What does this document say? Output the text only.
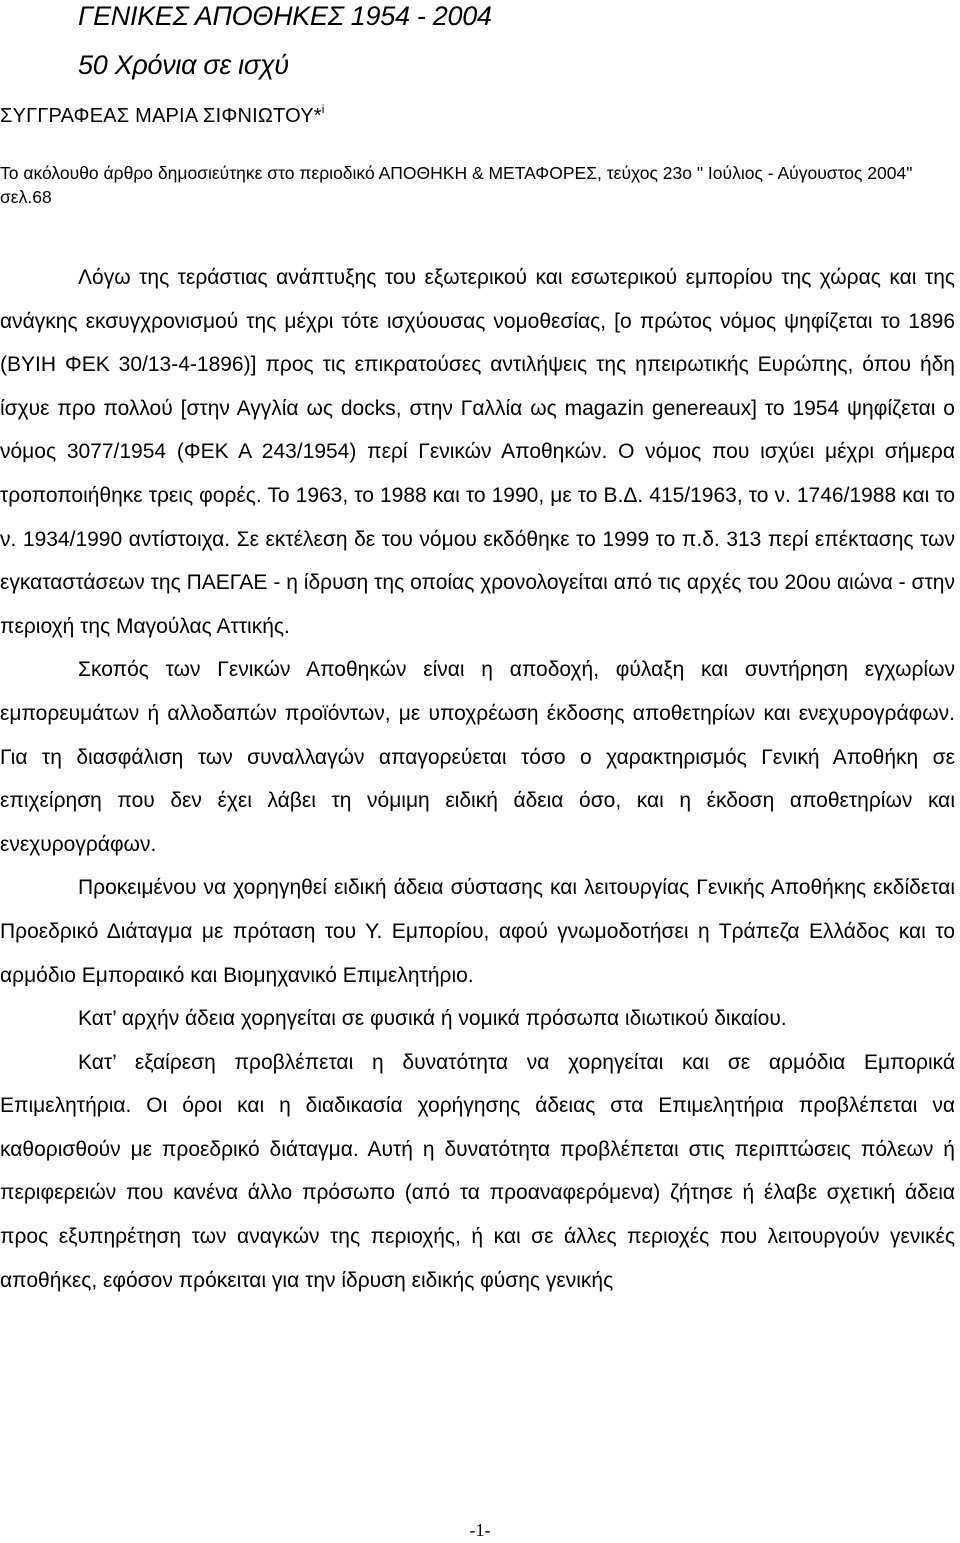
ΓΕΝΙΚΕΣ ΑΠΟΘΗΚΕΣ 1954 - 2004
50 Χρόνια σε ισχύ
ΣΥΓΓΡΑΦΕΑΣ ΜΑΡΙΑ ΣΙΦΝΙΩΤΟΥ*$^i$

Το ακόλουθο άρθρο δημοσιεύτηκε στο περιοδικό ΑΠΟΘΗΚΗ & ΜΕΤΑΦΟΡΕΣ, τεύχος 23ο " Ιούλιος - Αύγουστος 2004" σελ.68

Λόγω της τεράστιας ανάπτυξης του εξωτερικού και εσωτερικού εμπορίου της χώρας και της ανάγκης εκσυγχρονισμού της μέχρι τότε ισχύουσας νομοθεσίας, [ο πρώτος νόμος ψηφίζεται το 1896 (ΒΥΙΗ ΦΕΚ 30/13-4-1896)] προς τις επικρατούσες αντιλήψεις της ηπειρωτικής Ευρώπης, όπου ήδη ίσχυε προ πολλού [στην Αγγλία ως docks, στην Γαλλία ως magazin genereaux] το 1954 ψηφίζεται ο νόμος 3077/1954 (ΦΕΚ Α 243/1954) περί Γενικών Αποθηκών. Ο νόμος που ισχύει μέχρι σήμερα τροποποιήθηκε τρεις φορές. Το 1963, το 1988 και το 1990, με το Β.Δ. 415/1963, το ν. 1746/1988 και το ν. 1934/1990 αντίστοιχα. Σε εκτέλεση δε του νόμου εκδόθηκε το 1999 το π.δ. 313 περί επέκτασης των εγκαταστάσεων της ΠΑΕΓΑΕ - η ίδρυση της οποίας χρονολογείται από τις αρχές του 20ου αιώνα - στην περιοχή της Μαγούλας Αττικής.

Σκοπός των Γενικών Αποθηκών είναι η αποδοχή, φύλαξη και συντήρηση εγχωρίων εμπορευμάτων ή αλλοδαπών προϊόντων, με υποχρέωση έκδοσης αποθετηρίων και ενεχυρογράφων. Για τη διασφάλιση των συναλλαγών απαγορεύεται τόσο ο χαρακτηρισμός Γενική Αποθήκη σε επιχείρηση που δεν έχει λάβει τη νόμιμη ειδική άδεια όσο, και η έκδοση αποθετηρίων και ενεχυρογράφων.

Προκειμένου να χορηγηθεί ειδική άδεια σύστασης και λειτουργίας Γενικής Αποθήκης εκδίδεται Προεδρικό Διάταγμα με πρόταση του Υ. Εμπορίου, αφού γνωμοδοτήσει η Τράπεζα Ελλάδος και το αρμόδιο Εμποραικό και Βιομηχανικό Επιμελητήριο.

Κατ’ αρχήν άδεια χορηγείται σε φυσικά ή νομικά πρόσωπα ιδιωτικού δικαίου.

Κατ’ εξαίρεση προβλέπεται η δυνατότητα να χορηγείται και σε αρμόδια Εμπορικά Επιμελητήρια. Οι όροι και η διαδικασία χορήγησης άδειας στα Επιμελητήρια προβλέπεται να καθορισθούν με προεδρικό διάταγμα. Αυτή η δυνατότητα προβλέπεται στις περιπτώσεις πόλεων ή περιφερειών που κανένα άλλο πρόσωπο (από τα προαναφερόμενα) ζήτησε ή έλαβε σχετική άδεια προς εξυπηρέτηση των αναγκών της περιοχής, ή και σε άλλες περιοχές που λειτουργούν γενικές αποθήκες, εφόσον πρόκειται για την ίδρυση ειδικής φύσης γενικής

-1-
